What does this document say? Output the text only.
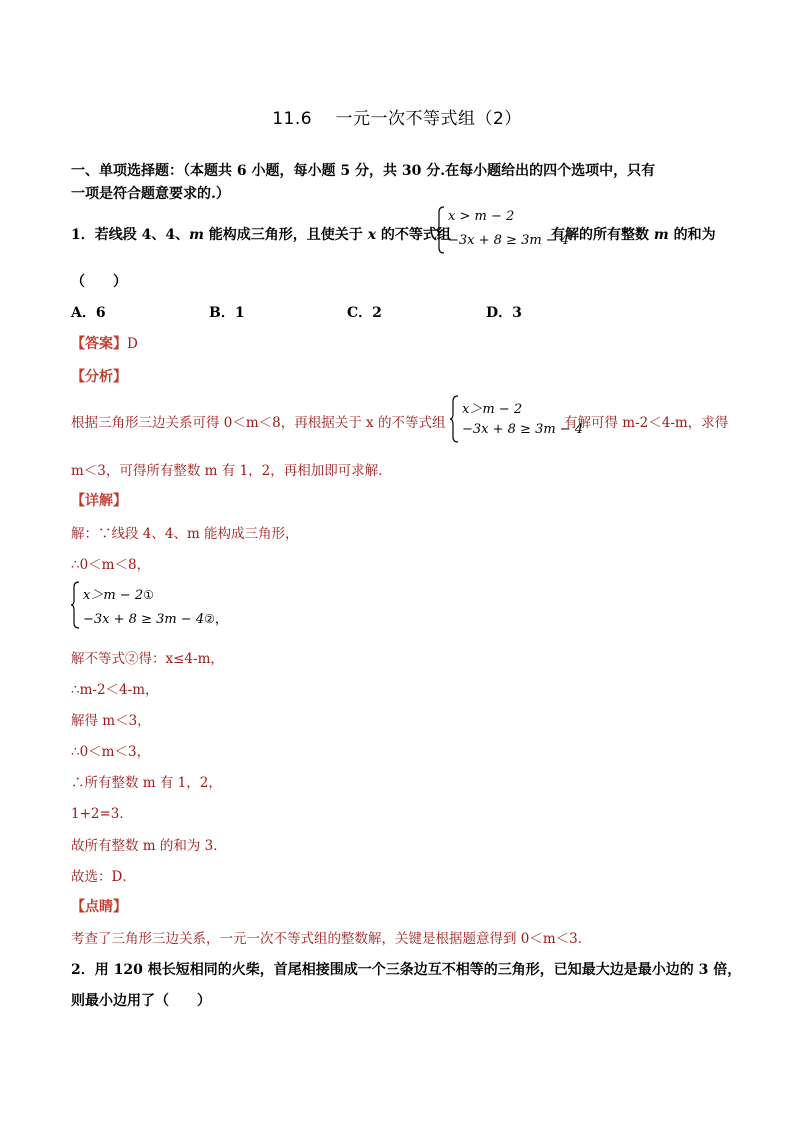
11.6　 一元一次不等式组（2）
一、单项选择题：（本题共 6 小题，每小题 5 分，共 30 分.在每小题给出的四个选项中，只有
一项是符合题意要求的.）
1．若线段 4、4、m 能构成三角形，且使关于 x 的不等式组
x > m − 2
−3x + 8 ≥ 3m − 4
有解的所有整数 m 的和为
（　　）
A．6	B．1	C．2	D．3
【答案】D
【分析】
根据三角形三边关系可得 0＜m＜8，再根据关于 x 的不等式组
x＞m − 2
−3x + 8 ≥ 3m − 4
有解可得 m-2＜4-m，求得
m＜3，可得所有整数 m 有 1，2，再相加即可求解．
【详解】
解：∵线段 4、4、m 能构成三角形，
∴0＜m＜8，
x＞m − 2①
−3x + 8 ≥ 3m − 4②，
解不等式②得：x≤4-m，
∴m-2＜4-m，
解得 m＜3，
∴0＜m＜3，
∴所有整数 m 有 1，2，
1+2=3．
故所有整数 m 的和为 3．
故选：D．
【点睛】
考查了三角形三边关系，一元一次不等式组的整数解，关键是根据题意得到 0＜m＜3．
2．用 120 根长短相同的火柴，首尾相接围成一个三条边互不相等的三角形，已知最大边是最小边的 3 倍，
则最小边用了（　　）
